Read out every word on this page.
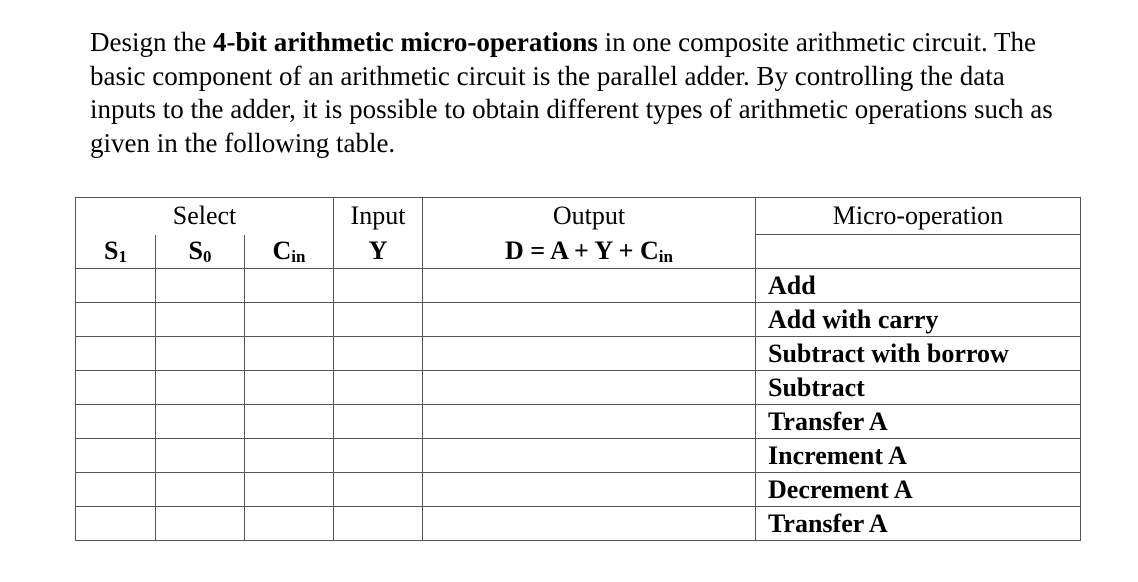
Design the 4-bit arithmetic micro-operations in one composite arithmetic circuit. The basic component of an arithmetic circuit is the parallel adder. By controlling the data inputs to the adder, it is possible to obtain different types of arithmetic operations such as given in the following table.

Select			Input	Output	Micro-operation
$S_1$	$S_0$	$C_{in}$	Y	$D = A + Y + C_{in}$	
					Add
					Add with carry
					Subtract with borrow
					Subtract
					Transfer A
					Increment A
					Decrement A
					Transfer A
